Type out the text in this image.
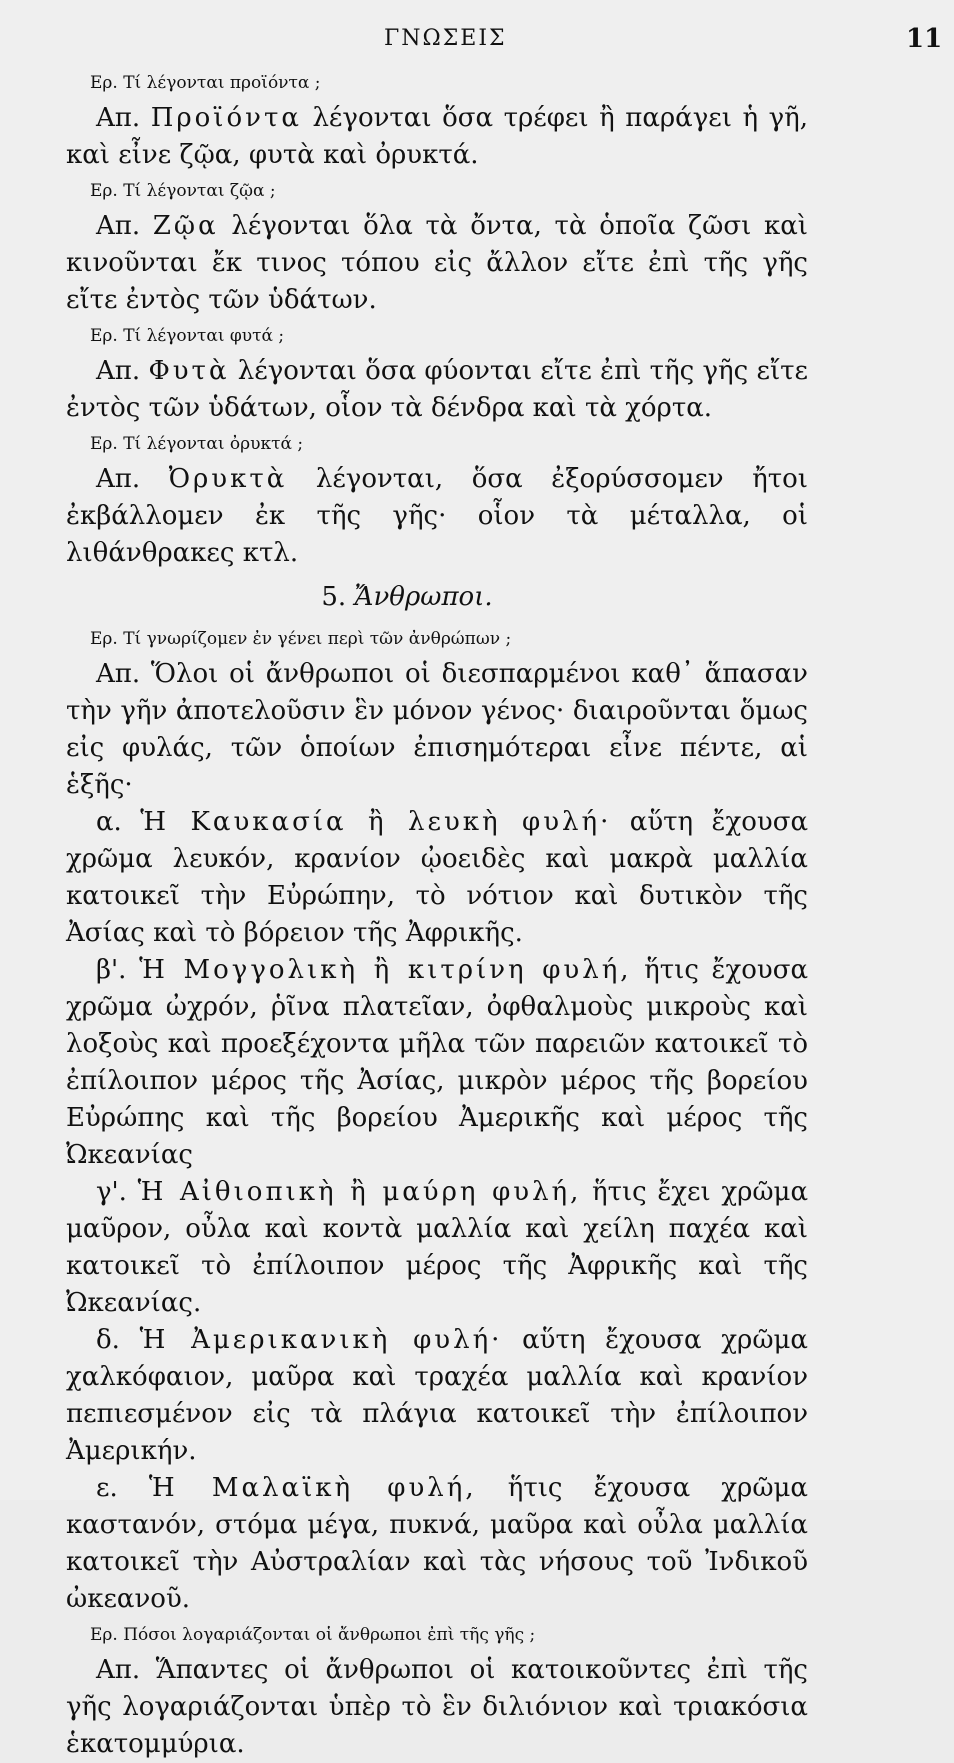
ΓΝΩΣΕΙΣ	11
Ερ. Τί λέγονται προϊόντα ;
Απ. Προϊόντα λέγονται ὅσα τρέφει ἢ παράγει ἡ γῆ, καὶ εἶνε ζῷα, φυτὰ καὶ ὀρυκτά.
Ερ. Τί λέγονται ζῷα ;
Απ. Ζῷα λέγονται ὅλα τὰ ὄντα, τὰ ὁποῖα ζῶσι καὶ κινοῦνται ἔκ τινος τόπου εἰς ἄλλον εἴτε ἐπὶ τῆς γῆς εἴτε ἐντὸς τῶν ὑδάτων.
Ερ. Τί λέγονται φυτά ;
Απ. Φυτὰ λέγονται ὅσα φύονται εἴτε ἐπὶ τῆς γῆς εἴτε ἐντὸς τῶν ὑδάτων, οἷον τὰ δένδρα καὶ τὰ χόρτα.
Ερ. Τί λέγονται ὀρυκτά ;
Απ. Ὀρυκτὰ λέγονται, ὅσα ἐξορύσσομεν ἤτοι ἐκβάλλομεν ἐκ τῆς γῆς· οἷον τὰ μέταλλα, οἱ λιθάνθρακες κτλ.
5. Ἄνθρωποι.
Ερ. Τί γνωρίζομεν ἐν γένει περὶ τῶν ἀνθρώπων ;
Απ. Ὅλοι οἱ ἄνθρωποι οἱ διεσπαρμένοι καθ᾽ ἅπασαν τὴν γῆν ἀποτελοῦσιν ἓν μόνον γένος· διαιροῦνται ὅμως εἰς φυλάς, τῶν ὁποίων ἐπισημότεραι εἶνε πέντε, αἱ ἑξῆς·
α. Ἡ Καυκασία ἢ λευκὴ φυλή· αὕτη ἔχουσα χρῶμα λευκόν, κρανίον ᾠοειδὲς καὶ μακρὰ μαλλία κατοικεῖ τὴν Εὐρώπην, τὸ νότιον καὶ δυτικὸν τῆς Ἀσίας καὶ τὸ βόρειον τῆς Ἀφρικῆς.
β'. Ἡ Μογγολικὴ ἢ κιτρίνη φυλή, ἥτις ἔχουσα χρῶμα ὠχρόν, ῥῖνα πλατεῖαν, ὀφθαλμοὺς μικροὺς καὶ λοξοὺς καὶ προεξέχοντα μῆλα τῶν παρειῶν κατοικεῖ τὸ ἐπίλοιπον μέρος τῆς Ἀσίας, μικρὸν μέρος τῆς βορείου Εὐρώπης καὶ τῆς βορείου Ἀμερικῆς καὶ μέρος τῆς Ὠκεανίας
γ'. Ἡ Αἰθιοπικὴ ἢ μαύρη φυλή, ἥτις ἔχει χρῶμα μαῦρον, οὖλα καὶ κοντὰ μαλλία καὶ χείλη παχέα καὶ κατοικεῖ τὸ ἐπίλοιπον μέρος τῆς Ἀφρικῆς καὶ τῆς Ὠκεανίας.
δ. Ἡ Ἀμερικανικὴ φυλή· αὕτη ἔχουσα χρῶμα χαλκόφαιον, μαῦρα καὶ τραχέα μαλλία καὶ κρανίον πεπιεσμένον εἰς τὰ πλάγια κατοικεῖ τὴν ἐπίλοιπον Ἀμερικήν.
ε. Ἡ Μαλαϊκὴ φυλή, ἥτις ἔχουσα χρῶμα καστανόν, στόμα μέγα, πυκνά, μαῦρα καὶ οὖλα μαλλία κατοικεῖ τὴν Αὐστραλίαν καὶ τὰς νήσους τοῦ Ἰνδικοῦ ὠκεανοῦ.
Ερ. Πόσοι λογαριάζονται οἱ ἄνθρωποι ἐπὶ τῆς γῆς ;
Απ. Ἅπαντες οἱ ἄνθρωποι οἱ κατοικοῦντες ἐπὶ τῆς γῆς λογαριάζονται ὑπὲρ τὸ ἓν διλιόνιον καὶ τριακόσια ἑκατομμύρια.
